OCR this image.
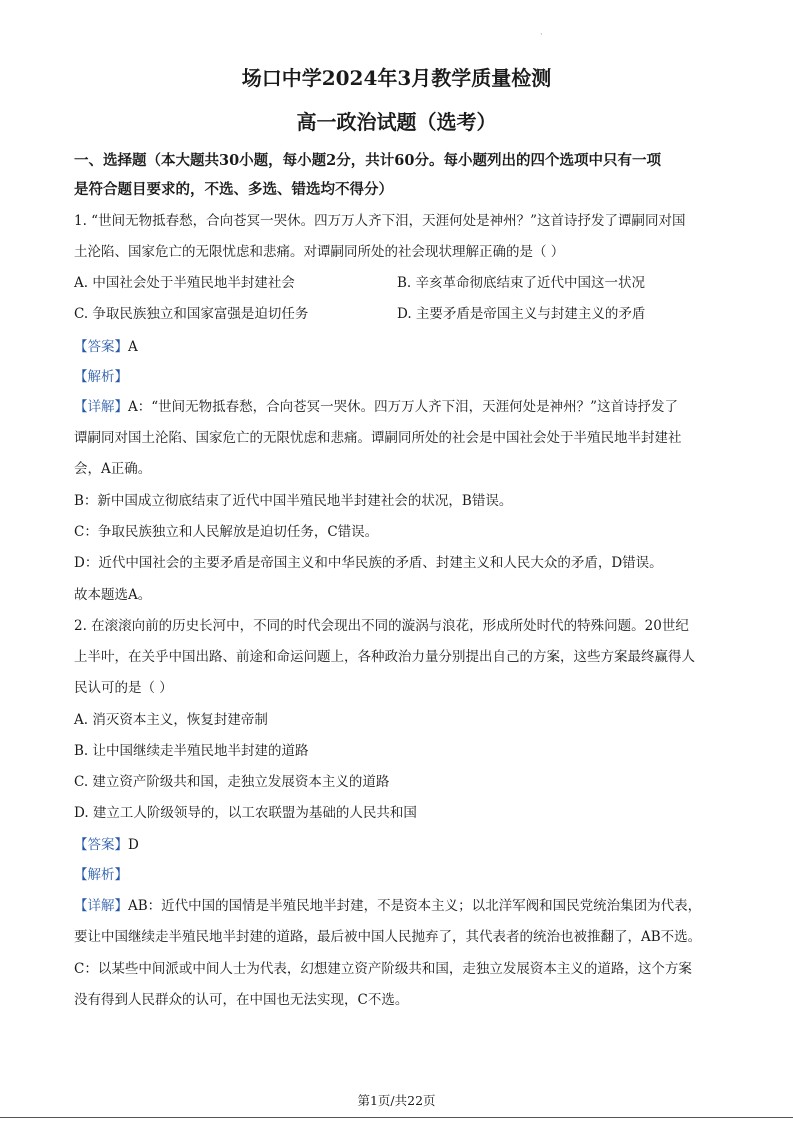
·
场口中学2024年3月教学质量检测
高一政治试题（选考）
一、选择题（本大题共30小题，每小题2分，共计60分。每小题列出的四个选项中只有一项
是符合题目要求的，不选、多选、错选均不得分）
1. “世间无物抵春愁，合向苍冥一哭休。四万万人齐下泪，天涯何处是神州？”这首诗抒发了谭嗣同对国
土沦陷、国家危亡的无限忧虑和悲痛。对谭嗣同所处的社会现状理解正确的是（ ）
A. 中国社会处于半殖民地半封建社会	B. 辛亥革命彻底结束了近代中国这一状况
C. 争取民族独立和国家富强是迫切任务	D. 主要矛盾是帝国主义与封建主义的矛盾
【答案】A
【解析】
【详解】A：“世间无物抵春愁，合向苍冥一哭休。四万万人齐下泪，天涯何处是神州？”这首诗抒发了
谭嗣同对国土沦陷、国家危亡的无限忧虑和悲痛。谭嗣同所处的社会是中国社会处于半殖民地半封建社
会，A正确。
B：新中国成立彻底结束了近代中国半殖民地半封建社会的状况，B错误。
C：争取民族独立和人民解放是迫切任务，C错误。
D：近代中国社会的主要矛盾是帝国主义和中华民族的矛盾、封建主义和人民大众的矛盾，D错误。
故本题选A。
2. 在滚滚向前的历史长河中，不同的时代会现出不同的漩涡与浪花，形成所处时代的特殊问题。20世纪
上半叶，在关乎中国出路、前途和命运问题上，各种政治力量分别提出自己的方案，这些方案最终赢得人
民认可的是（ ）
A. 消灭资本主义，恢复封建帝制
B. 让中国继续走半殖民地半封建的道路
C. 建立资产阶级共和国，走独立发展资本主义的道路
D. 建立工人阶级领导的，以工农联盟为基础的人民共和国
【答案】D
【解析】
【详解】AB：近代中国的国情是半殖民地半封建，不是资本主义；以北洋军阀和国民党统治集团为代表，
要让中国继续走半殖民地半封建的道路，最后被中国人民抛弃了，其代表者的统治也被推翻了，AB不选。
C：以某些中间派或中间人士为代表，幻想建立资产阶级共和国，走独立发展资本主义的道路，这个方案
没有得到人民群众的认可，在中国也无法实现，C不选。
第1页/共22页
